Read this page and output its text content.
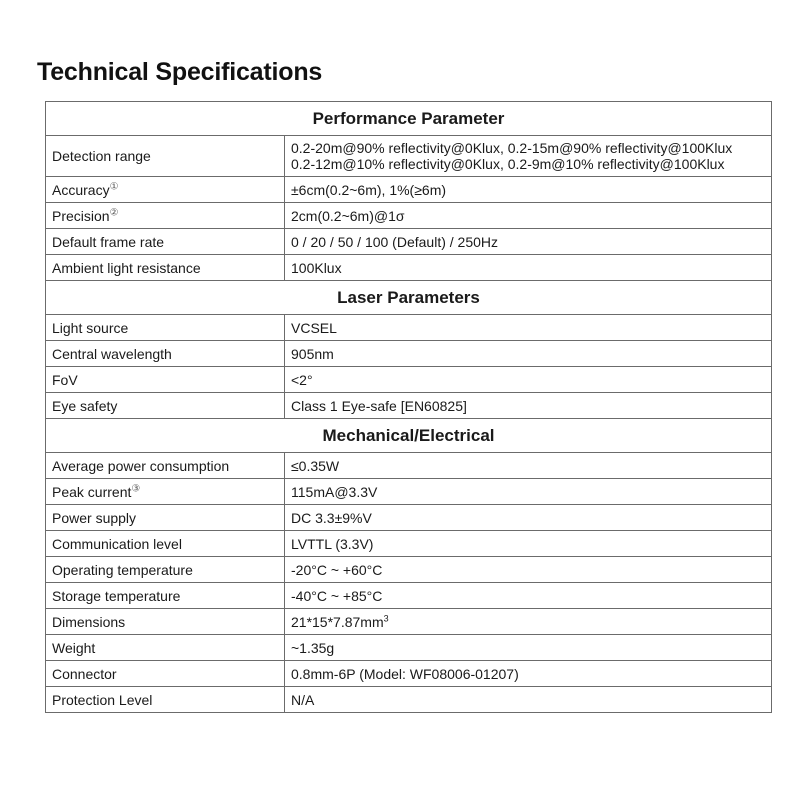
Technical Specifications
Performance Parameter	
Detection range	0.2-20m@90% reflectivity@0Klux, 0.2-15m@90% reflectivity@100Klux
0.2-12m@10% reflectivity@0Klux, 0.2-9m@10% reflectivity@100Klux

Accuracy①	±6cm(0.2~6m), 1%(≥6m)
Precision②	2cm(0.2~6m)@1σ
Default frame rate	0 / 20 / 50 / 100 (Default) / 250Hz
Ambient light resistance	100Klux
Laser Parameters	
Light source	VCSEL
Central wavelength	905nm
FoV	<2°
Eye safety	Class 1 Eye-safe [EN60825]
Mechanical/Electrical	
Average power consumption	≤0.35W
Peak current③	115mA@3.3V
Power supply	DC 3.3±9%V
Communication level	LVTTL (3.3V)
Operating temperature	-20°C ~ +60°C
Storage temperature	-40°C ~ +85°C
Dimensions	$21*15*7.87mm^3$
Weight	~1.35g
Connector	0.8mm-6P (Model: WF08006-01207)
Protection Level	N/A
